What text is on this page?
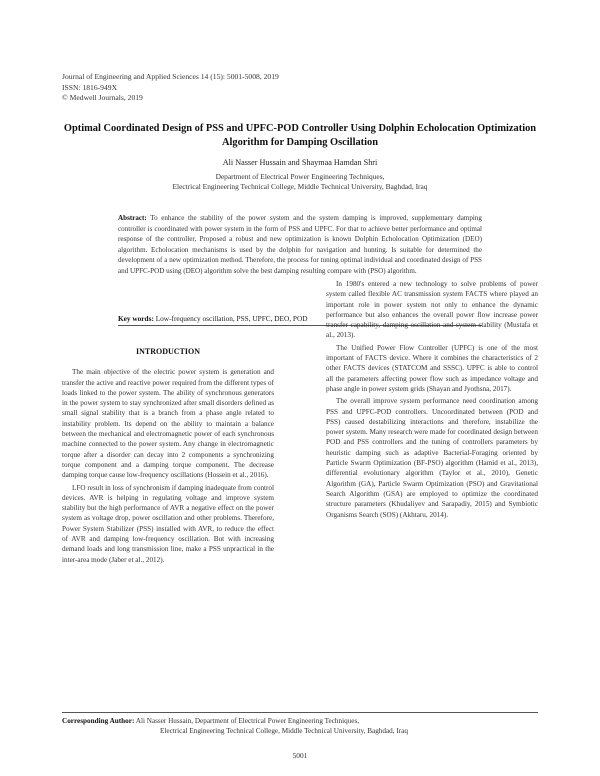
Journal of Engineering and Applied Sciences 14 (15): 5001-5008, 2019
ISSN: 1816-949X
© Medwell Journals, 2019
Optimal Coordinated Design of PSS and UPFC-POD Controller Using Dolphin Echolocation Optimization Algorithm for Damping Oscillation
Ali Nasser Hussain and Shaymaa Hamdan Shri
Department of Electrical Power Engineering Techniques,
Electrical Engineering Technical College, Middle Technical University, Baghdad, Iraq
Abstract: To enhance the stability of the power system and the system damping is improved, supplementary damping controller is coordinated with power system in the form of PSS and UPFC. For that to achieve better performance and optimal response of the controller, Proposed a robust and new optimization is known Dolphin Echolocation Optimization (DEO) algorithm. Echolocation mechanisms is used by the dolphin for navigation and hunting. Is suitable for determined the development of a new optimization method. Therefore, the process for tuning optimal individual and coordinated design of PSS and UPFC-POD using (DEO) algorithm solve the best damping resulting compare with (PSO) algorithm.
Key words: Low-frequency oscillation, PSS, UPFC, DEO, POD
INTRODUCTION

The main objective of the electric power system is generation and transfer the active and reactive power required from the different types of loads linked to the power system. The ability of synchronous generators in the power system to stay synchronized after small disorders defined as small signal stability that is a branch from a phase angle related to instability problem. Its depend on the ability to maintain a balance between the mechanical and electromagnetic power of each synchronous machine connected to the power system. Any change in electromagnetic torque after a disorder can decay into 2 components a synchronizing torque component and a damping torque component. The decrease damping torque cause low-frequency oscillations (Hossein et al., 2016).

LFO result in loss of synchronism if damping inadequate from control devices. AVR is helping in regulating voltage and improve system stability but the high performance of AVR a negative effect on the power system as voltage drop, power oscillation and other problems. Therefore, Power System Stabilizer (PSS) installed with AVR, to reduce the effect of AVR and damping low-frequency oscillation. But with increasing demand loads and long transmission line, make a PSS unpractical in the inter-area mode (Jaber et al., 2012).

In 1980's entered a new technology to solve problems of power system called flexible AC transmission system FACTS where played an important role in power system not only to enhance the dynamic performance but also enhances the overall power flow increase power transfer capability, damping oscillation and system stability (Mustafa et al., 2013).

The Unified Power Flow Controller (UPFC) is one of the most important of FACTS device. Where it combines the characteristics of 2 other FACTS devices (STATCOM and SSSC). UPFC is able to control all the parameters affecting power flow such as impedance voltage and phase angle in power system grids (Shayan and Jyothsna, 2017).

The overall improve system performance need coordination among PSS and UPFC-POD controllers. Uncoordinated between (POD and PSS) caused destabilizing interactions and therefore, instabilize the power system. Many research were made for coordinated design between POD and PSS controllers and the tuning of controllers parameters by heuristic damping such as adaptive Bacterial-Foraging oriented by Particle Swarm Optimization (BF-PSO) algorithm (Hamid et al., 2013), differential evolutionary algorithm (Taylor et al., 2010), Genetic Algorithm (GA), Particle Swarm Optimization (PSO) and Gravitational Search Algorithm (GSA) are employed to optimize the coordinated structure parameters (Khudaliyev and Sarapadiy, 2015) and Symbiotic Organisms Search (SOS) (Akhtaru, 2014).

Corresponding Author: Ali Nasser Hussain, Department of Electrical Power Engineering Techniques,
Electrical Engineering Technical College, Middle Technical University, Baghdad, Iraq
5001
